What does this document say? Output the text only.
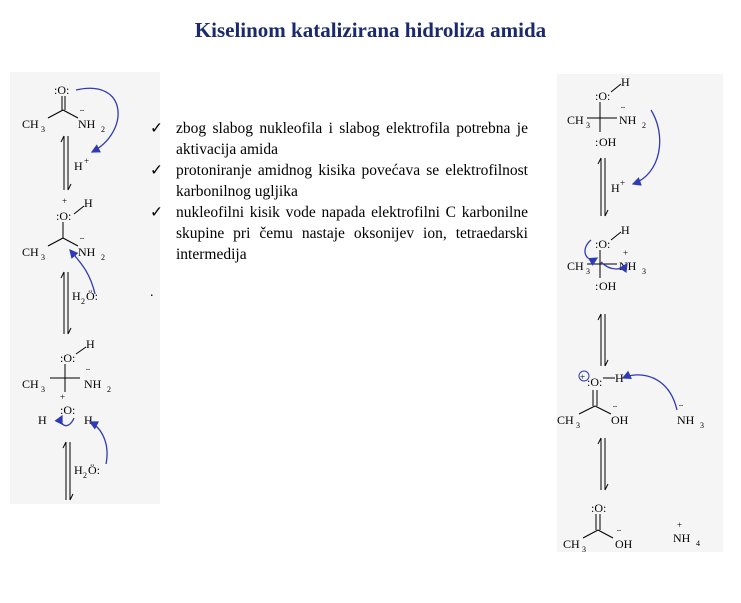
Kiselinom katalizirana hidroliza amida
:O:
CH 3
¨
NH 2
H +
+
:O:
H
CH 3
¨
NH 2
H 2 Ö:
:O:
H
CH 3
¨
NH 2
+
:O:
H	H
H 2 Ö:
✓ zbog slabog nukleofila i slabog elektrofila potrebna je aktivacija amida
✓ protoniranje amidnog kisika povećava se elektrofilnost karbonilnog ugljika
✓ nukleofilni kisik vode napada elektrofilni C karbonilne skupine pri čemu nastaje oksonijev ion, tetraedarski intermedija
.
:O:
H
CH 3
¨
NH 2
: OH
H +
:O:
H
CH 3
+
NH 3
: OH
+ :O: H
CH 3
¨
OH
¨
NH 3
:O:
CH 3
¨
OH
+
NH 4
